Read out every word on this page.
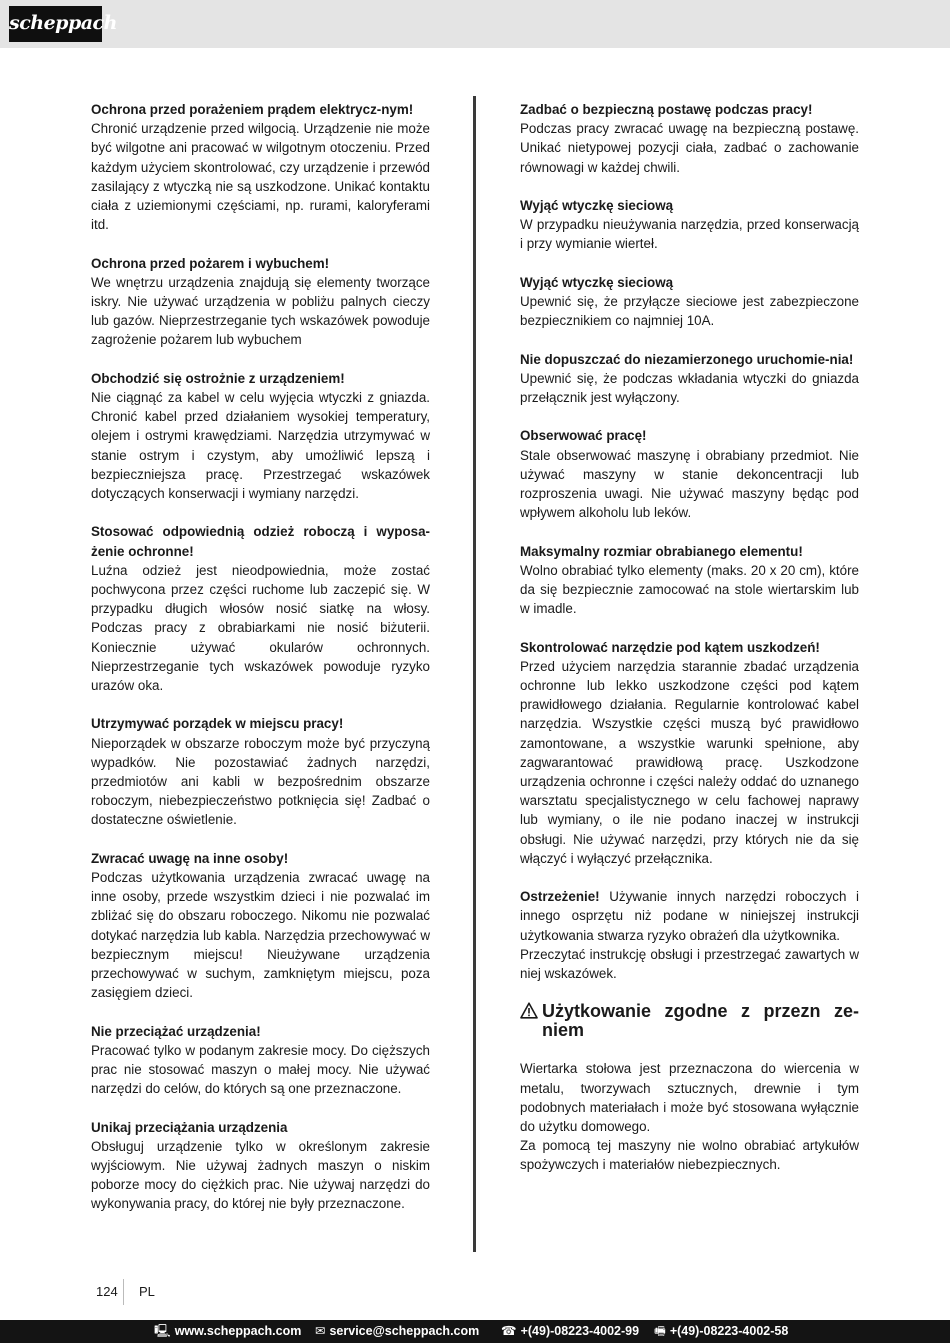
scheppach
Ochrona przed porażeniem prądem elektrycz-nym!
Chronić urządzenie przed wilgocią. Urządzenie nie może być wilgotne ani pracować w wilgotnym otoczeniu. Przed każdym użyciem skontrolować, czy urządzenie i przewód zasilający z wtyczką nie są uszkodzone. Unikać kontaktu ciała z uziemionymi częściami, np. rurami, kaloryferami itd.
Ochrona przed pożarem i wybuchem!
We wnętrzu urządzenia znajdują się elementy tworzące iskry. Nie używać urządzenia w pobliżu palnych cieczy lub gazów. Nieprzestrzeganie tych wskazówek powoduje zagrożenie pożarem lub wybuchem
Obchodzić się ostrożnie z urządzeniem!
Nie ciągnąć za kabel w celu wyjęcia wtyczki z gniazda. Chronić kabel przed działaniem wysokiej temperatury, olejem i ostrymi krawędziami. Narzędzia utrzymywać w stanie ostrym i czystym, aby umożliwić lepszą i bezpieczniejsza pracę. Przestrzegać wskazówek dotyczących konserwacji i wymiany narzędzi.
Stosować odpowiednią odzież roboczą i wyposa-żenie ochronne!
Luźna odzież jest nieodpowiednia, może zostać pochwycona przez części ruchome lub zaczepić się. W przypadku długich włosów nosić siatkę na włosy. Podczas pracy z obrabiarkami nie nosić biżuterii. Koniecznie używać okularów ochronnych. Nieprzestrzeganie tych wskazówek powoduje ryzyko urazów oka.
Utrzymywać porządek w miejscu pracy!
Nieporządek w obszarze roboczym może być przyczyną wypadków. Nie pozostawiać żadnych narzędzi, przedmiotów ani kabli w bezpośrednim obszarze roboczym, niebezpieczeństwo potknięcia się! Zadbać o dostateczne oświetlenie.
Zwracać uwagę na inne osoby!
Podczas użytkowania urządzenia zwracać uwagę na inne osoby, przede wszystkim dzieci i nie pozwalać im zbliżać się do obszaru roboczego. Nikomu nie pozwalać dotykać narzędzia lub kabla. Narzędzia przechowywać w bezpiecznym miejscu! Nieużywane urządzenia przechowywać w suchym, zamkniętym miejscu, poza zasięgiem dzieci.
Nie przeciążać urządzenia!
Pracować tylko w podanym zakresie mocy. Do cięższych prac nie stosować maszyn o małej mocy. Nie używać narzędzi do celów, do których są one przeznaczone.
Unikaj przeciążania urządzenia
Obsługuj urządzenie tylko w określonym zakresie wyjściowym. Nie używaj żadnych maszyn o niskim poborze mocy do ciężkich prac. Nie używaj narzędzi do wykonywania pracy, do której nie były przeznaczone.
Zadbać o bezpieczną postawę podczas pracy!
Podczas pracy zwracać uwagę na bezpieczną postawę. Unikać nietypowej pozycji ciała, zadbać o zachowanie równowagi w każdej chwili.
Wyjąć wtyczkę sieciową
W przypadku nieużywania narzędzia, przed konserwacją i przy wymianie wierteł.
Wyjąć wtyczkę sieciową
Upewnić się, że przyłącze sieciowe jest zabezpieczone bezpiecznikiem co najmniej 10A.
Nie dopuszczać do niezamierzonego uruchomie-nia!
Upewnić się, że podczas wkładania wtyczki do gniazda przełącznik jest wyłączony.
Obserwować pracę!
Stale obserwować maszynę i obrabiany przedmiot. Nie używać maszyny w stanie dekoncentracji lub rozproszenia uwagi. Nie używać maszyny będąc pod wpływem alkoholu lub leków.
Maksymalny rozmiar obrabianego elementu!
Wolno obrabiać tylko elementy (maks. 20 x 20 cm), które da się bezpiecznie zamocować na stole wiertarskim lub w imadle.
Skontrolować narzędzie pod kątem uszkodzeń!
Przed użyciem narzędzia starannie zbadać urządzenia ochronne lub lekko uszkodzone części pod kątem prawidłowego działania. Regularnie kontrolować kabel narzędzia. Wszystkie części muszą być prawidłowo zamontowane, a wszystkie warunki spełnione, aby zagwarantować prawidłową pracę. Uszkodzone urządzenia ochronne i części należy oddać do uznanego warsztatu specjalistycznego w celu fachowej naprawy lub wymiany, o ile nie podano inaczej w instrukcji obsługi. Nie używać narzędzi, przy których nie da się włączyć i wyłączyć przełącznika.
Ostrzeżenie! Używanie innych narzędzi roboczych i innego osprzętu niż podane w niniejszej instrukcji użytkowania stwarza ryzyko obrażeń dla użytkownika.
Przeczytać instrukcję obsługi i przestrzegać zawartych w niej wskazówek.
Użytkowanie zgodne z przezn ze-niem
Wiertarka stołowa jest przeznaczona do wiercenia w metalu, tworzywach sztucznych, drewnie i tym podobnych materiałach i może być stosowana wyłącznie do użytku domowego.
Za pomocą tej maszyny nie wolno obrabiać artykułów spożywczych i materiałów niebezpiecznych.
124 PL
🖳 www.scheppach.com ✉ service@scheppach.com ☎ +(49)-08223-4002-99 🖷 +(49)-08223-4002-58
